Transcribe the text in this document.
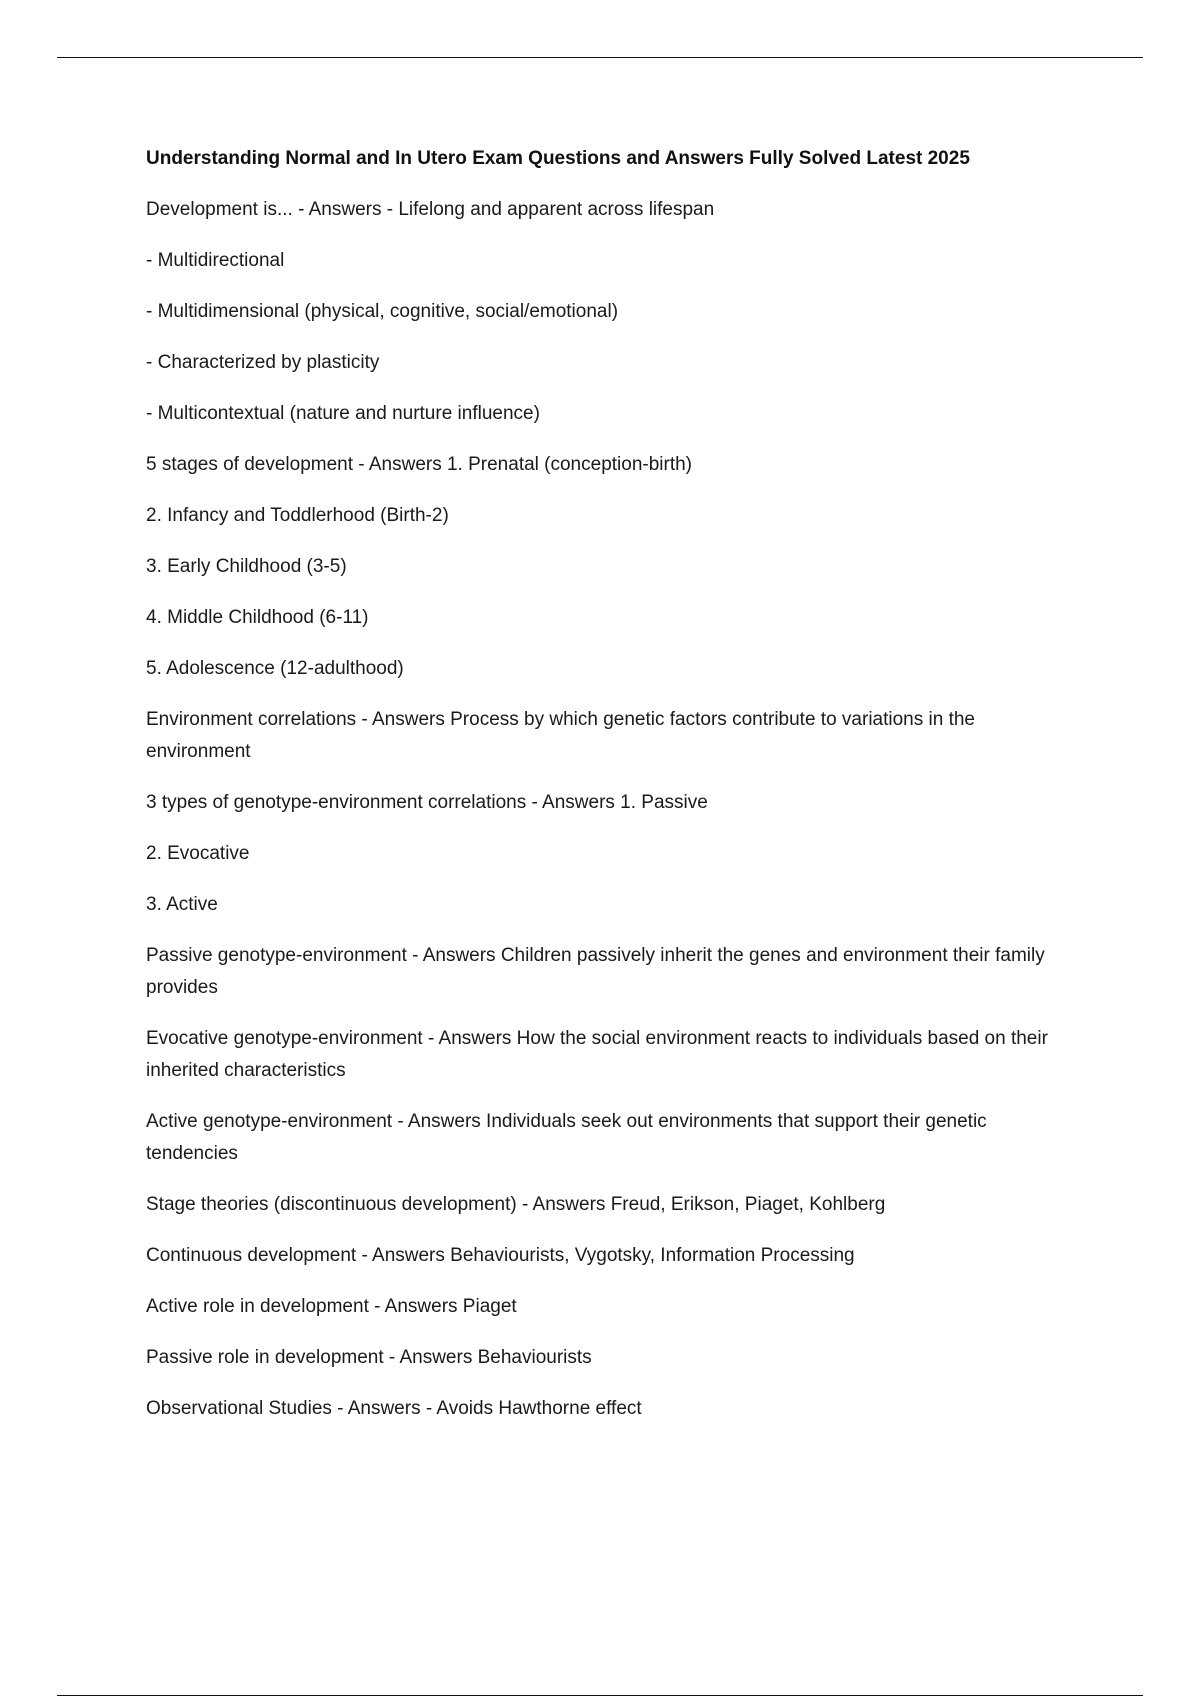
Understanding Normal and In Utero Exam Questions and Answers Fully Solved Latest 2025

Development is... - Answers - Lifelong and apparent across lifespan

- Multidirectional

- Multidimensional (physical, cognitive, social/emotional)

- Characterized by plasticity

- Multicontextual (nature and nurture influence)

5 stages of development - Answers 1. Prenatal (conception-birth)

2. Infancy and Toddlerhood (Birth-2)

3. Early Childhood (3-5)

4. Middle Childhood (6-11)

5. Adolescence (12-adulthood)

Environment correlations - Answers Process by which genetic factors contribute to variations in the environment

3 types of genotype-environment correlations - Answers 1. Passive

2. Evocative

3. Active

Passive genotype-environment - Answers Children passively inherit the genes and environment their family provides

Evocative genotype-environment - Answers How the social environment reacts to individuals based on their inherited characteristics

Active genotype-environment - Answers Individuals seek out environments that support their genetic tendencies

Stage theories (discontinuous development) - Answers Freud, Erikson, Piaget, Kohlberg

Continuous development - Answers Behaviourists, Vygotsky, Information Processing

Active role in development - Answers Piaget

Passive role in development - Answers Behaviourists

Observational Studies - Answers - Avoids Hawthorne effect
